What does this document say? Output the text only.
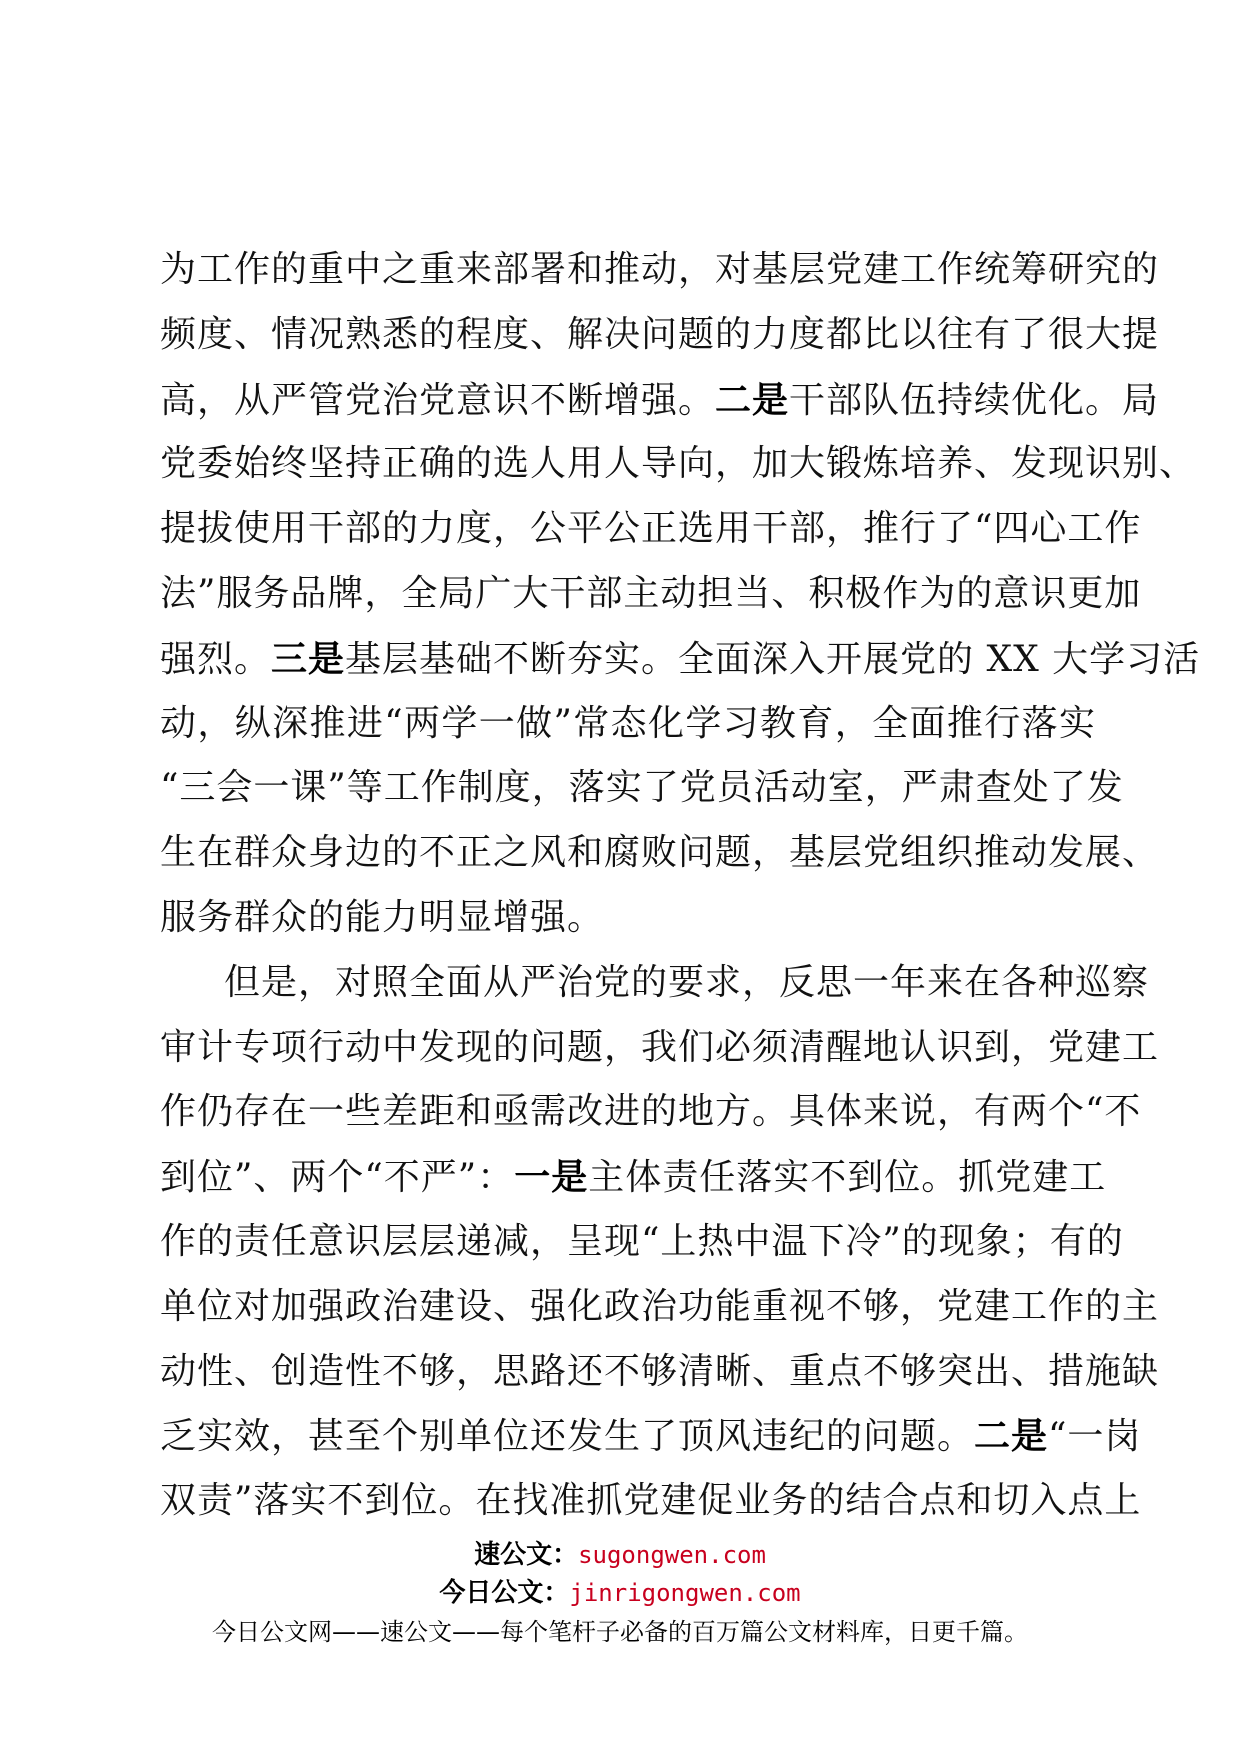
为工作的重中之重来部署和推动，对基层党建工作统筹研究的
频度、情况熟悉的程度、解决问题的力度都比以往有了很大提
高，从严管党治党意识不断增强。二是干部队伍持续优化。局
党委始终坚持正确的选人用人导向，加大锻炼培养、发现识别、
提拔使用干部的力度，公平公正选用干部，推行了“四心工作
法”服务品牌，全局广大干部主动担当、积极作为的意识更加
强烈。三是基层基础不断夯实。全面深入开展党的 XX 大学习活
动，纵深推进“两学一做”常态化学习教育，全面推行落实
“三会一课”等工作制度，落实了党员活动室，严肃查处了发
生在群众身边的不正之风和腐败问题，基层党组织推动发展、
服务群众的能力明显增强。
但是，对照全面从严治党的要求，反思一年来在各种巡察
审计专项行动中发现的问题，我们必须清醒地认识到，党建工
作仍存在一些差距和亟需改进的地方。具体来说，有两个“不
到位”、两个“不严”：一是主体责任落实不到位。抓党建工
作的责任意识层层递减，呈现“上热中温下冷”的现象；有的
单位对加强政治建设、强化政治功能重视不够，党建工作的主
动性、创造性不够，思路还不够清晰、重点不够突出、措施缺
乏实效，甚至个别单位还发生了顶风违纪的问题。二是“一岗
双责”落实不到位。在找准抓党建促业务的结合点和切入点上
速公文：sugongwen.com
今日公文：jinrigongwen.com
今日公文网——速公文——每个笔杆子必备的百万篇公文材料库，日更千篇。
